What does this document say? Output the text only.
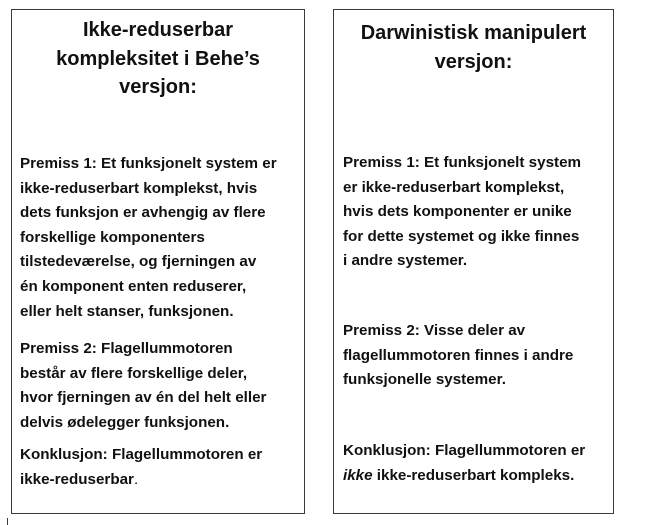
Ikke-reduserbar
kompleksitet i Behe’s
versjon:
Premiss 1: Et funksjonelt system er
ikke-reduserbart komplekst, hvis
dets funksjon er avhengig av flere
forskellige komponenters
tilstedeværelse, og fjerningen av
én komponent enten reduserer,
eller helt stanser, funksjonen.
Premiss 2: Flagellummotoren
består av flere forskellige deler,
hvor fjerningen av én del helt eller
delvis ødelegger funksjonen.
Konklusjon: Flagellummotoren er
ikke-reduserbar.
Darwinistisk manipulert
versjon:
Premiss 1: Et funksjonelt system
er ikke-reduserbart komplekst,
hvis dets komponenter er unike
for dette systemet og ikke finnes
i andre systemer.
Premiss 2: Visse deler av
flagellummotoren finnes i andre
funksjonelle systemer.
Konklusjon: Flagellummotoren er
ikke ikke-reduserbart kompleks.
